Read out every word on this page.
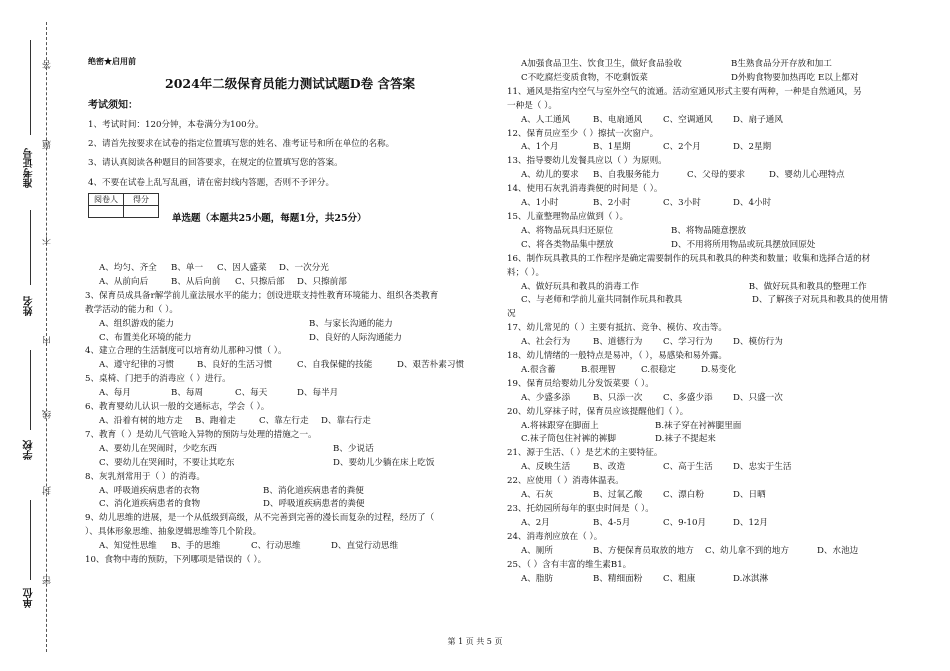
答
题
不
内
线
封
密
准考证号
姓名
学校
单位
绝密★启用前
2024年二级保育员能力测试试题D卷 含答案
考试须知：
1、考试时间：120分钟，本卷满分为100分。
2、请首先按要求在试卷的指定位置填写您的姓名、准考证号和所在单位的名称。
3、请认真阅读各种题目的回答要求，在规定的位置填写您的答案。
4、不要在试卷上乱写乱画，请在密封线内答题，否则不予评分。
阅卷人	得分

单选题（本题共25小题，每题1分，共25分）
A、均匀、齐全	B、单一	C、因人盛菜	D、一次分光
A、从前向后	B、从后向前	C、只擦后部	D、只擦前部
3、保育员成具备r解学前儿童法展水平的能力；创设进联支持性教育环境能力、组织各类教育
教学活动的能力和（ ）。
A、组织游戏的能力	B、与家长沟通的能力
C、布置美化环境的能力	D、良好的人际沟通能力
4、建立合理的生活制度可以培育幼儿那种习惯（ ）。
A、遵守纪律的习惯	B、良好的生活习惯	C、自我保健的技能	D、艰苦朴素习惯
5、桌椅、门把手的消毒应（ ）进行。
A、每月	B、每周	C、每天	D、每半月
6、教育婴幼儿认识一般的交通标志，学会（ ）。
A、沿着有树的地方走	B、跑着走	C、靠左行走	D、靠右行走
7、教育（ ）是幼儿气管呛入异物的预防与处理的措施之一。
A、要幼儿在哭闹时，少吃东西	B、少说话
C、要幼儿在哭闹时，不要让其吃东	D、要幼儿少躺在床上吃饭
8、灰乳剂常用于（ ）的消毒。
A、呼吸道疾病患者的衣物	B、消化道疾病患者的粪便
C、消化道疾病患者的食物	D、呼吸道疾病患者的粪便
9、幼儿思维的进展，是一个从低级到高级，从不完善到完善的漫长而复杂的过程，经历了（
）、具体形象思维、抽象逻辑思维等几个阶段。
A、知觉性思维	B、手的思维	C、行动思维	D、直觉行动思维
10、食物中毒的预防，下列哪项是错误的（ ）。
A加强食品卫生、饮食卫生，做好食品验收	B生熟食品分开存放和加工
C不吃腐烂变质食物，不吃剩饭菜	D外购食物要加热再吃 E以上都对
11、通风是指室内空气与室外空气的流通。活动室通风形式主要有两种，一种是自然通风，另
一种是（ ）。
A、人工通风	B、电扇通风	C、空调通风	D、扇子通风
12、保育员应至少（ ）擦拭一次窗户。
A、1个月	B、1星期	C、2个月	D、2星期
13、指导婴幼儿发餐具应以（ ）为原则。
A、幼儿的要求	B、自我服务能力	C、父母的要求	D、婴幼儿心理特点
14、使用石灰乳消毒粪便的时间是（ ）。
A、1小时	B、2小时	C、3小时	D、4小时
15、儿童整理物品应做到（ ）。
A、将物品玩具归还原位	B、将物品随意摆放
C、将各类物品集中摆放	D、不用将所用物品或玩具摆放回原处
16、制作玩具教具的工作程序是确定需要制作的玩具和教具的种类和数量；收集和选择合适的材
料；（ ）。
A、做好玩具和教具的消毒工作	B、做好玩具和教具的整理工作
C、与老师和学前儿童共同制作玩具和教具	D、了解孩子对玩具和教具的使用情
况
17、幼儿常见的（ ）主要有抵抗、竞争、模仿、攻击等。
A、社会行为	B、道德行为	C、学习行为	D、模仿行为
18、幼儿情绪的一般特点是易冲，（ ），易感染和易外露。
A.很含蓄	B.很理智	C.很稳定	D.易变化
19、保育员给婴幼儿分发饭菜要（ ）。
A、少盛多添	B、只添一次	C、多盛少添	D、只盛一次
20、幼儿穿袜子时，保育员应该提醒他们（ ）。
A.将袜跟穿在脚面上	B.袜子穿在衬裤腿里面
C.袜子筒包住衬裤的裤脚	D.袜子不提起来
21、源于生活、（ ）是艺术的主要特征。
A、反映生活	B、改造	C、高于生活	D、忠实于生活
22、应使用（ ）消毒体温表。
A、石灰	B、过氧乙酸	C、漂白粉	D、日晒
23、托幼园所每年的驱虫时间是（ ）。
A、2月	B、4-5月	C、9-10月	D、12月
24、消毒剂应放在（ ）。
A、厕所	B、方便保育员取放的地方	C、幼儿拿不到的地方	D、水池边
25、（ ）含有丰富的维生素B1。
A、脂肪	B、精细面粉	C、粗康	D.冰淇淋
第 1 页 共 5 页
